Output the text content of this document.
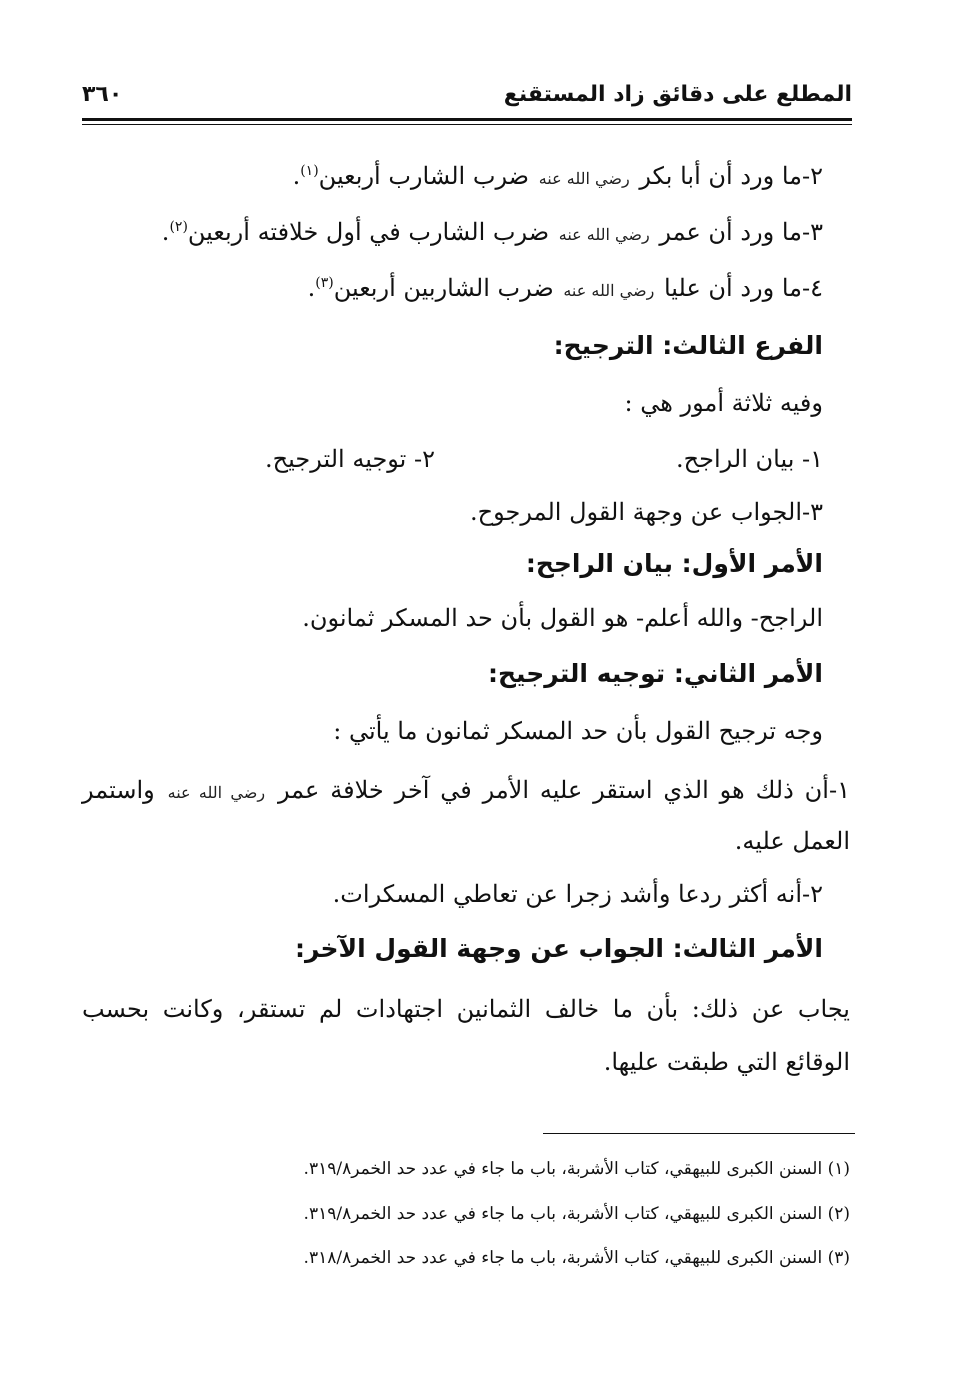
المطلع على دقائق زاد المستقنع
٣٦٠
٢-ما ورد أن أبا بكر رضي الله عنه ضرب الشارب أربعين$^{(١)}$.
٣-ما ورد أن عمر رضي الله عنه ضرب الشارب في أول خلافته أربعين$^{(٢)}$.
٤-ما ورد أن عليا رضي الله عنه ضرب الشاربين أربعين$^{(٣)}$.
الفرع الثالث: الترجيح:
وفيه ثلاثة أمور هي :
١- بيان الراجح.
٢- توجيه الترجيح.
٣-الجواب عن وجهة القول المرجوح.
الأمر الأول: بيان الراجح:
الراجح- والله أعلم- هو القول بأن حد المسكر ثمانون.
الأمر الثاني: توجيه الترجيح:
وجه ترجيح القول بأن حد المسكر ثمانون ما يأتي :
١-أن ذلك هو الذي استقر عليه الأمر في آخر خلافة عمر رضي الله عنه واستمر
العمل عليه.
٢-أنه أكثر ردعا وأشد زجرا عن تعاطي المسكرات.
الأمر الثالث: الجواب عن وجهة القول الآخر:
يجاب عن ذلك: بأن ما خالف الثمانين اجتهادات لم تستقر، وكانت بحسب
الوقائع التي طبقت عليها.
(١) السنن الكبرى للبيهقي، كتاب الأشربة، باب ما جاء في عدد حد الخمر٣١٩/٨.
(٢) السنن الكبرى للبيهقي، كتاب الأشربة، باب ما جاء في عدد حد الخمر٣١٩/٨.
(٣) السنن الكبرى للبيهقي، كتاب الأشربة، باب ما جاء في عدد حد الخمر٣١٨/٨.
